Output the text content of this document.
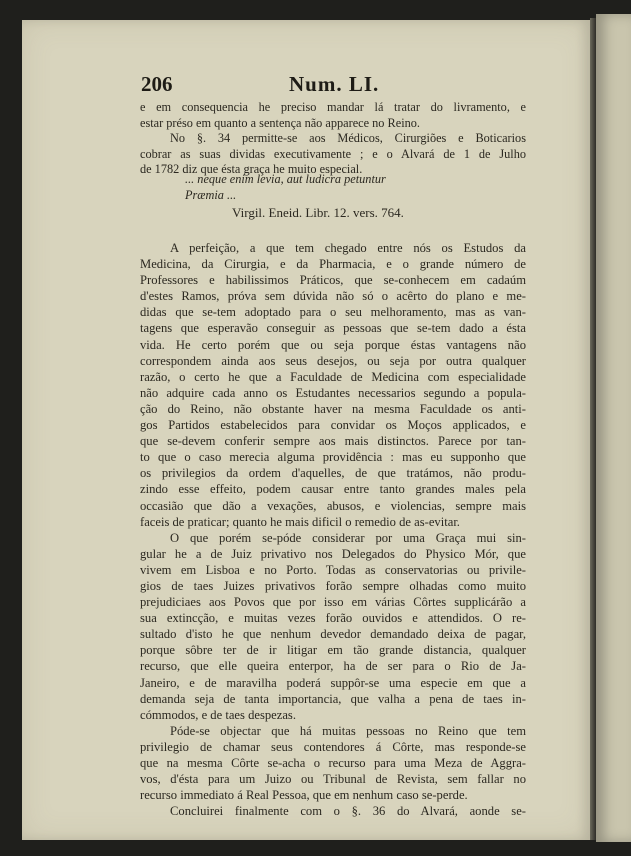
206	Num. LI.
e em consequencia he preciso mandar lá tratar do livramento, e
estar préso em quanto a sentença não apparece no Reino.
No §. 34 permitte-se aos Médicos, Cirurgiões e Boticarios
cobrar as suas dividas executivamente ; e o Alvará de 1 de Julho
de 1782 diz que ésta graça he muito especial.
... neque enim levia, aut ludicra petuntur
Præmia ...
Virgil. Eneid. Libr. 12. vers. 764.
A perfeição, a que tem chegado entre nós os Estudos da
Medicina, da Cirurgia, e da Pharmacia, e o grande número de
Professores e habilissimos Práticos, que se-conhecem em cadaúm
d'estes Ramos, próva sem dúvida não só o acêrto do plano e me-
didas que se-tem adoptado para o seu melhoramento, mas as van-
tagens que esperavão conseguir as pessoas que se-tem dado a ésta
vida. He certo porém que ou seja porque éstas vantagens não
correspondem ainda aos seus desejos, ou seja por outra qualquer
razão, o certo he que a Faculdade de Medicina com especialidade
não adquire cada anno os Estudantes necessarios segundo a popula-
ção do Reino, não obstante haver na mesma Faculdade os anti-
gos Partidos estabelecidos para convidar os Moços applicados, e
que se-devem conferir sempre aos mais distinctos. Parece por tan-
to que o caso merecia alguma providência : mas eu supponho que
os privilegios da ordem d'aquelles, de que tratámos, não produ-
zindo esse effeito, podem causar entre tanto grandes males pela
occasião que dão a vexações, abusos, e violencias, sempre mais
faceis de praticar; quanto he mais dificil o remedio de as-evitar.
O que porém se-póde considerar por uma Graça mui sin-
gular he a de Juiz privativo nos Delegados do Physico Mór, que
vivem em Lisboa e no Porto. Todas as conservatorias ou privile-
gios de taes Juizes privativos forão sempre olhadas como muito
prejudiciaes aos Povos que por isso em várias Côrtes supplicárão a
sua extincção, e muitas vezes forão ouvidos e attendidos. O re-
sultado d'isto he que nenhum devedor demandado deixa de pagar,
porque sôbre ter de ir litigar em tão grande distancia, qualquer
recurso, que elle queira enterpor, ha de ser para o Rio de Ja-
Janeiro, e de maravilha poderá suppôr-se uma especie em que a
demanda seja de tanta importancia, que valha a pena de taes in-
cómmodos, e de taes despezas.
Póde-se objectar que há muitas pessoas no Reino que tem
privilegio de chamar seus contendores á Côrte, mas responde-se
que na mesma Côrte se-acha o recurso para uma Meza de Aggra-
vos, d'ésta para um Juizo ou Tribunal de Revista, sem fallar no
recurso immediato á Real Pessoa, que em nenhum caso se-perde.
Concluirei finalmente com o §. 36 do Alvará, aonde se-
